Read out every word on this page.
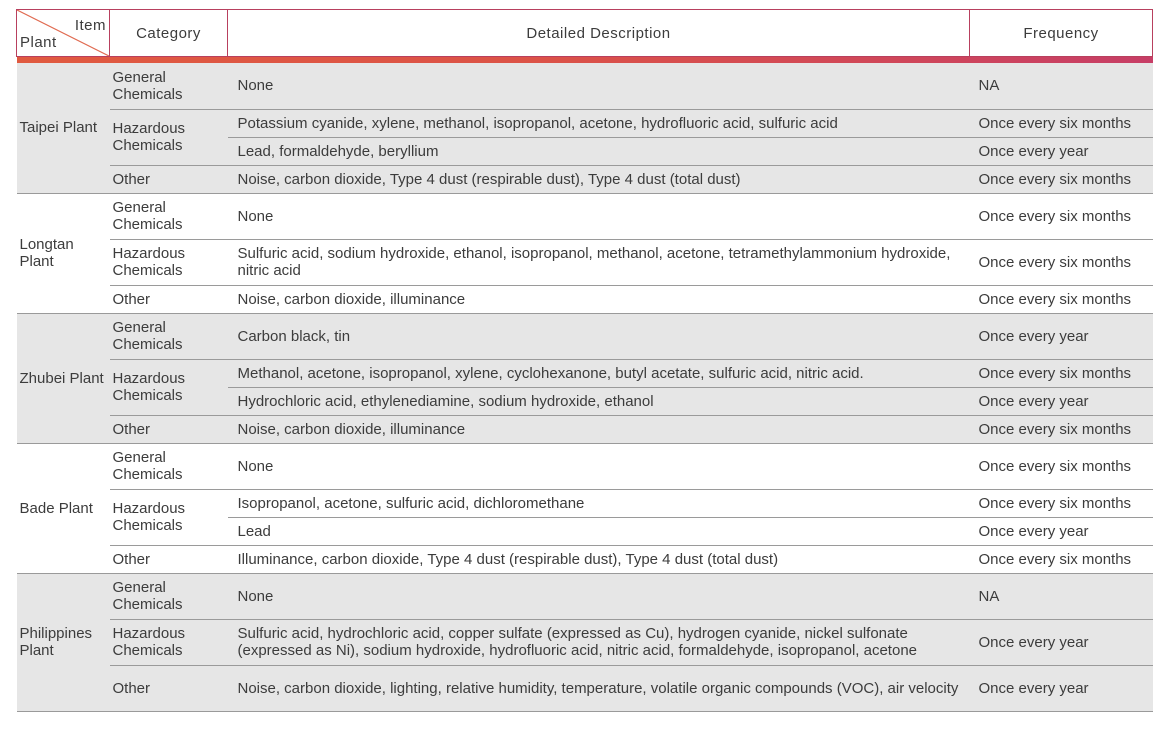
Item
Plant	Category	Detailed Description	Frequency

Taipei Plant	General Chemicals	None	NA
	Hazardous Chemicals	Potassium cyanide, xylene, methanol, isopropanol, acetone, hydrofluoric acid, sulfuric acid	Once every six months
		Lead, formaldehyde, beryllium	Once every year
	Other	Noise, carbon dioxide, Type 4 dust (respirable dust), Type 4 dust (total dust)	Once every six months
Longtan Plant	General Chemicals	None	Once every six months
	Hazardous Chemicals	Sulfuric acid, sodium hydroxide, ethanol, isopropanol, methanol, acetone, tetramethylammonium hydroxide, nitric acid	Once every six months
	Other	Noise, carbon dioxide, illuminance	Once every six months
Zhubei Plant	General Chemicals	Carbon black, tin	Once every year
	Hazardous Chemicals	Methanol, acetone, isopropanol, xylene, cyclohexanone, butyl acetate, sulfuric acid, nitric acid.	Once every six months
		Hydrochloric acid, ethylenediamine, sodium hydroxide, ethanol	Once every year
	Other	Noise, carbon dioxide, illuminance	Once every six months
Bade Plant	General Chemicals	None	Once every six months
	Hazardous Chemicals	Isopropanol, acetone, sulfuric acid, dichloromethane	Once every six months
		Lead	Once every year
	Other	Illuminance, carbon dioxide, Type 4 dust (respirable dust), Type 4 dust (total dust)	Once every six months
Philippines Plant	General Chemicals	None	NA
	Hazardous Chemicals	Sulfuric acid, hydrochloric acid, copper sulfate (expressed as Cu), hydrogen cyanide, nickel sulfonate (expressed as Ni), sodium hydroxide, hydrofluoric acid, nitric acid, formaldehyde, isopropanol, acetone	Once every year
	Other	Noise, carbon dioxide, lighting, relative humidity, temperature, volatile organic compounds (VOC), air velocity	Once every year
